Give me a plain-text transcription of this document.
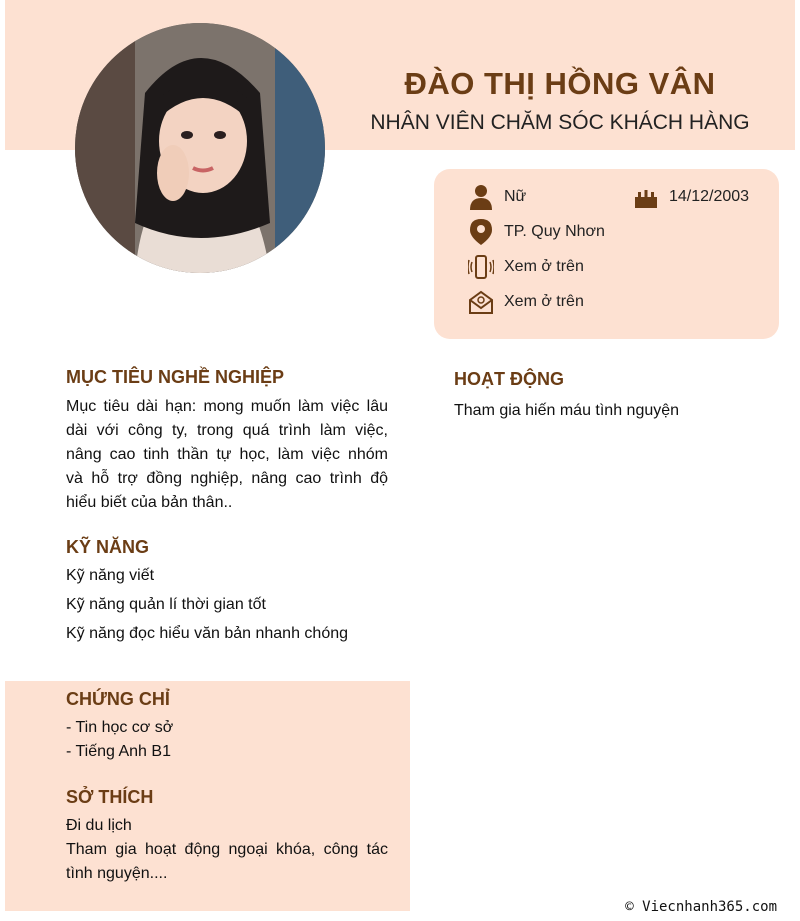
ĐÀO THỊ HỒNG VÂN
NHÂN VIÊN CHĂM SÓC KHÁCH HÀNG
Nữ	14/12/2003
TP. Quy Nhơn
Xem ở trên
Xem ở trên
MỤC TIÊU NGHỀ NGHIỆP
Mục tiêu dài hạn: mong muốn làm việc lâu
dài với công ty, trong quá trình làm việc,
nâng cao tinh thần tự học, làm việc nhóm
và hỗ trợ đồng nghiệp, nâng cao trình độ
hiểu biết của bản thân..
KỸ NĂNG
Kỹ năng viết
Kỹ năng quản lí thời gian tốt
Kỹ năng đọc hiểu văn bản nhanh chóng
CHỨNG CHỈ
- Tin học cơ sở
- Tiếng Anh B1
SỞ THÍCH
Đi du lịch
Tham gia hoạt động ngoại khóa, công tác
tình nguyện....
HOẠT ĐỘNG
Tham gia hiến máu tình nguyện
© Viecnhanh365.com
